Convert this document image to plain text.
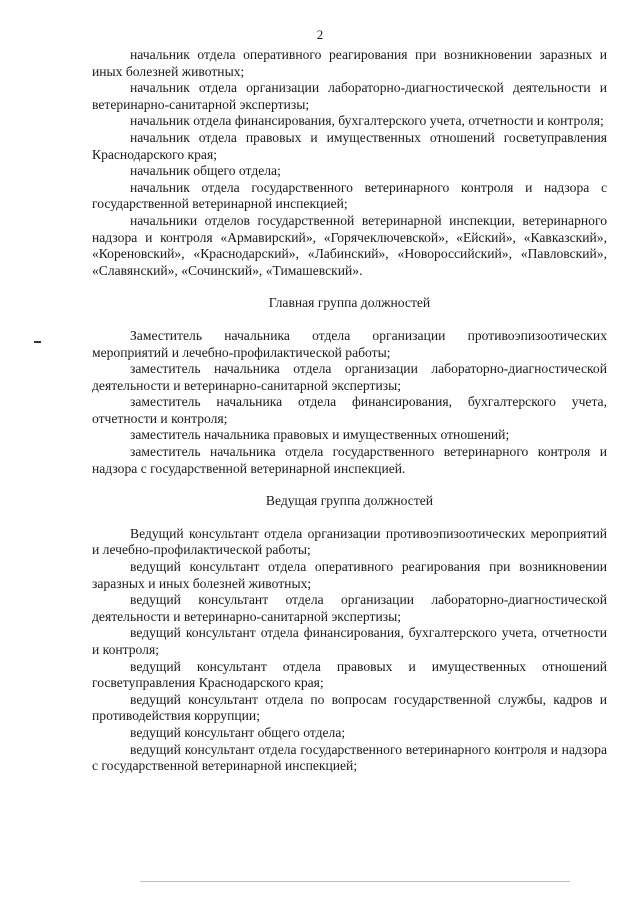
2

начальник отдела оперативного реагирования при возникновении заразных и иных болезней животных;

начальник отдела организации лабораторно-диагностической деятельности и ветеринарно-санитарной экспертизы;

начальник отдела финансирования, бухгалтерского учета, отчетности и контроля;

начальник отдела правовых и имущественных отношений госветуправления Краснодарского края;

начальник общего отдела;

начальник отдела государственного ветеринарного контроля и надзора с государственной ветеринарной инспекцией;

начальники отделов государственной ветеринарной инспекции, ветеринарного надзора и контроля «Армавирский», «Горячеключевской», «Ейский», «Кавказский», «Кореновский», «Краснодарский», «Лабинский», «Новороссийский», «Павловский», «Славянский», «Сочинский», «Тимашевский».

Главная группа должностей

Заместитель начальника отдела организации противоэпизоотических мероприятий и лечебно-профилактической работы;

заместитель начальника отдела организации лабораторно-диагностической деятельности и ветеринарно-санитарной экспертизы;

заместитель начальника отдела финансирования, бухгалтерского учета, отчетности и контроля;

заместитель начальника правовых и имущественных отношений;

заместитель начальника отдела государственного ветеринарного контроля и надзора с государственной ветеринарной инспекцией.

Ведущая группа должностей

Ведущий консультант отдела организации противоэпизоотических мероприятий и лечебно-профилактической работы;

ведущий консультант отдела оперативного реагирования при возникновении заразных и иных болезней животных;

ведущий консультант отдела организации лабораторно-диагностической деятельности и ветеринарно-санитарной экспертизы;

ведущий консультант отдела финансирования, бухгалтерского учета, отчетности и контроля;

ведущий консультант отдела правовых и имущественных отношений госветуправления Краснодарского края;

ведущий консультант отдела по вопросам государственной службы, кадров и противодействия коррупции;

ведущий консультант общего отдела;

ведущий консультант отдела государственного ветеринарного контроля и надзора с государственной ветеринарной инспекцией;
